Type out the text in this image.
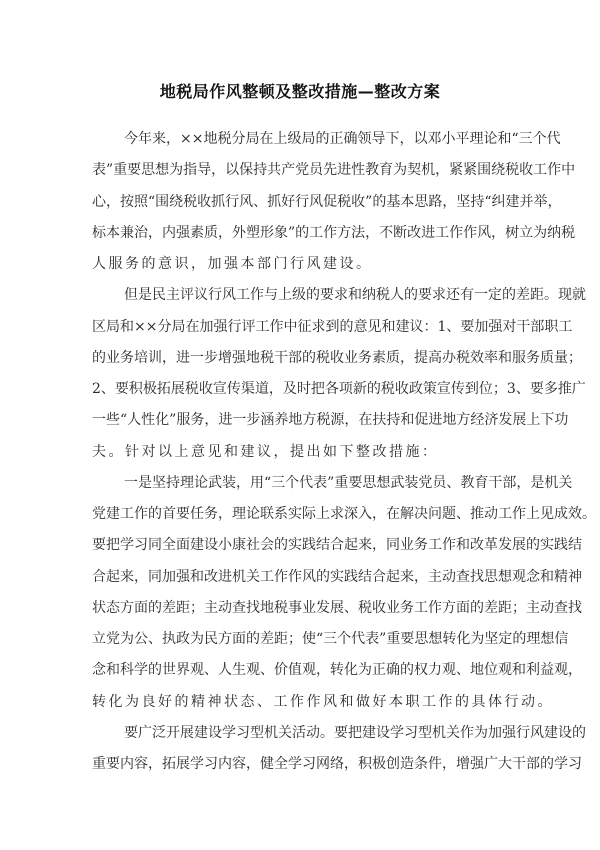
地税局作风整顿及整改措施—整改方案
今年来，××地税分局在上级局的正确领导下，以邓小平理论和“三个代
表”重要思想为指导，以保持共产党员先进性教育为契机，紧紧围绕税收工作中
心，按照“围绕税收抓行风、抓好行风促税收”的基本思路，坚持“纠建并举，
标本兼治，内强素质，外塑形象”的工作方法，不断改进工作作风，树立为纳税
人服务的意识，加强本部门行风建设。
但是民主评议行风工作与上级的要求和纳税人的要求还有一定的差距。现就
区局和××分局在加强行评工作中征求到的意见和建议：1、要加强对干部职工
的业务培训，进一步增强地税干部的税收业务素质，提高办税效率和服务质量；
2、要积极拓展税收宣传渠道，及时把各项新的税收政策宣传到位；3、要多推广
一些“人性化”服务，进一步涵养地方税源，在扶持和促进地方经济发展上下功
夫。针对以上意见和建议，提出如下整改措施：
一是坚持理论武装，用“三个代表”重要思想武装党员、教育干部，是机关
党建工作的首要任务，理论联系实际上求深入，在解决问题、推动工作上见成效。
要把学习同全面建设小康社会的实践结合起来，同业务工作和改革发展的实践结
合起来，同加强和改进机关工作作风的实践结合起来，主动查找思想观念和精神
状态方面的差距；主动查找地税事业发展、税收业务工作方面的差距；主动查找
立党为公、执政为民方面的差距；使“三个代表”重要思想转化为坚定的理想信
念和科学的世界观、人生观、价值观，转化为正确的权力观、地位观和利益观，
转化为良好的精神状态、工作作风和做好本职工作的具体行动。
要广泛开展建设学习型机关活动。要把建设学习型机关作为加强行风建设的
重要内容，拓展学习内容，健全学习网络，积极创造条件，增强广大干部的学习
